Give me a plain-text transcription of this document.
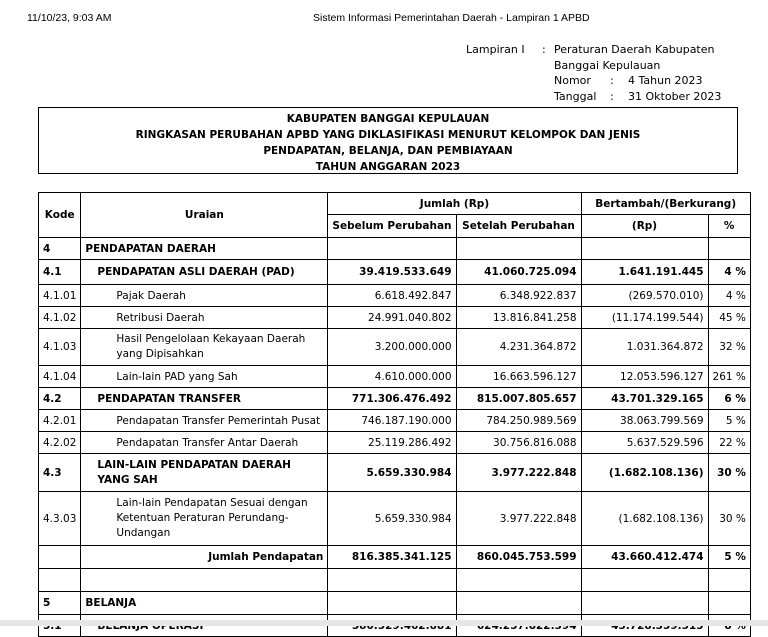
11/10/23, 9:03 AM	Sistem Informasi Pemerintahan Daerah - Lampiran 1 APBD
Lampiran I	: Peraturan Daerah Kabupaten
Banggai Kepulauan
Nomor	:	4 Tahun 2023
Tanggal	:	31 Oktober 2023
KABUPATEN BANGGAI KEPULAUAN
RINGKASAN PERUBAHAN APBD YANG DIKLASIFIKASI MENURUT KELOMPOK DAN JENIS
PENDAPATAN, BELANJA, DAN PEMBIAYAAN
TAHUN ANGGARAN 2023
Kode	Uraian	Jumlah (Rp)		Bertambah/(Berkurang)	
		Sebelum Perubahan	Setelah Perubahan	(Rp)	%
4	PENDAPATAN DAERAH				
4.1	PENDAPATAN ASLI DAERAH (PAD)	39.419.533.649	41.060.725.094	1.641.191.445	4 %
4.1.01	Pajak Daerah	6.618.492.847	6.348.922.837	(269.570.010)	4 %
4.1.02	Retribusi Daerah	24.991.040.802	13.816.841.258	(11.174.199.544)	45 %
4.1.03	Hasil Pengelolaan Kekayaan Daerah yang Dipisahkan	3.200.000.000	4.231.364.872	1.031.364.872	32 %
4.1.04	Lain-lain PAD yang Sah	4.610.000.000	16.663.596.127	12.053.596.127	261 %
4.2	PENDAPATAN TRANSFER	771.306.476.492	815.007.805.657	43.701.329.165	6 %
4.2.01	Pendapatan Transfer Pemerintah Pusat	746.187.190.000	784.250.989.569	38.063.799.569	5 %
4.2.02	Pendapatan Transfer Antar Daerah	25.119.286.492	30.756.816.088	5.637.529.596	22 %
4.3	LAIN-LAIN PENDAPATAN DAERAH YANG SAH	5.659.330.984	3.977.222.848	(1.682.108.136)	30 %
4.3.03	Lain-lain Pendapatan Sesuai dengan Ketentuan Peraturan Perundang-Undangan	5.659.330.984	3.977.222.848	(1.682.108.136)	30 %
	Jumlah Pendapatan	816.385.341.125	860.045.753.599	43.660.412.474	5 %

5	BELANJA				
